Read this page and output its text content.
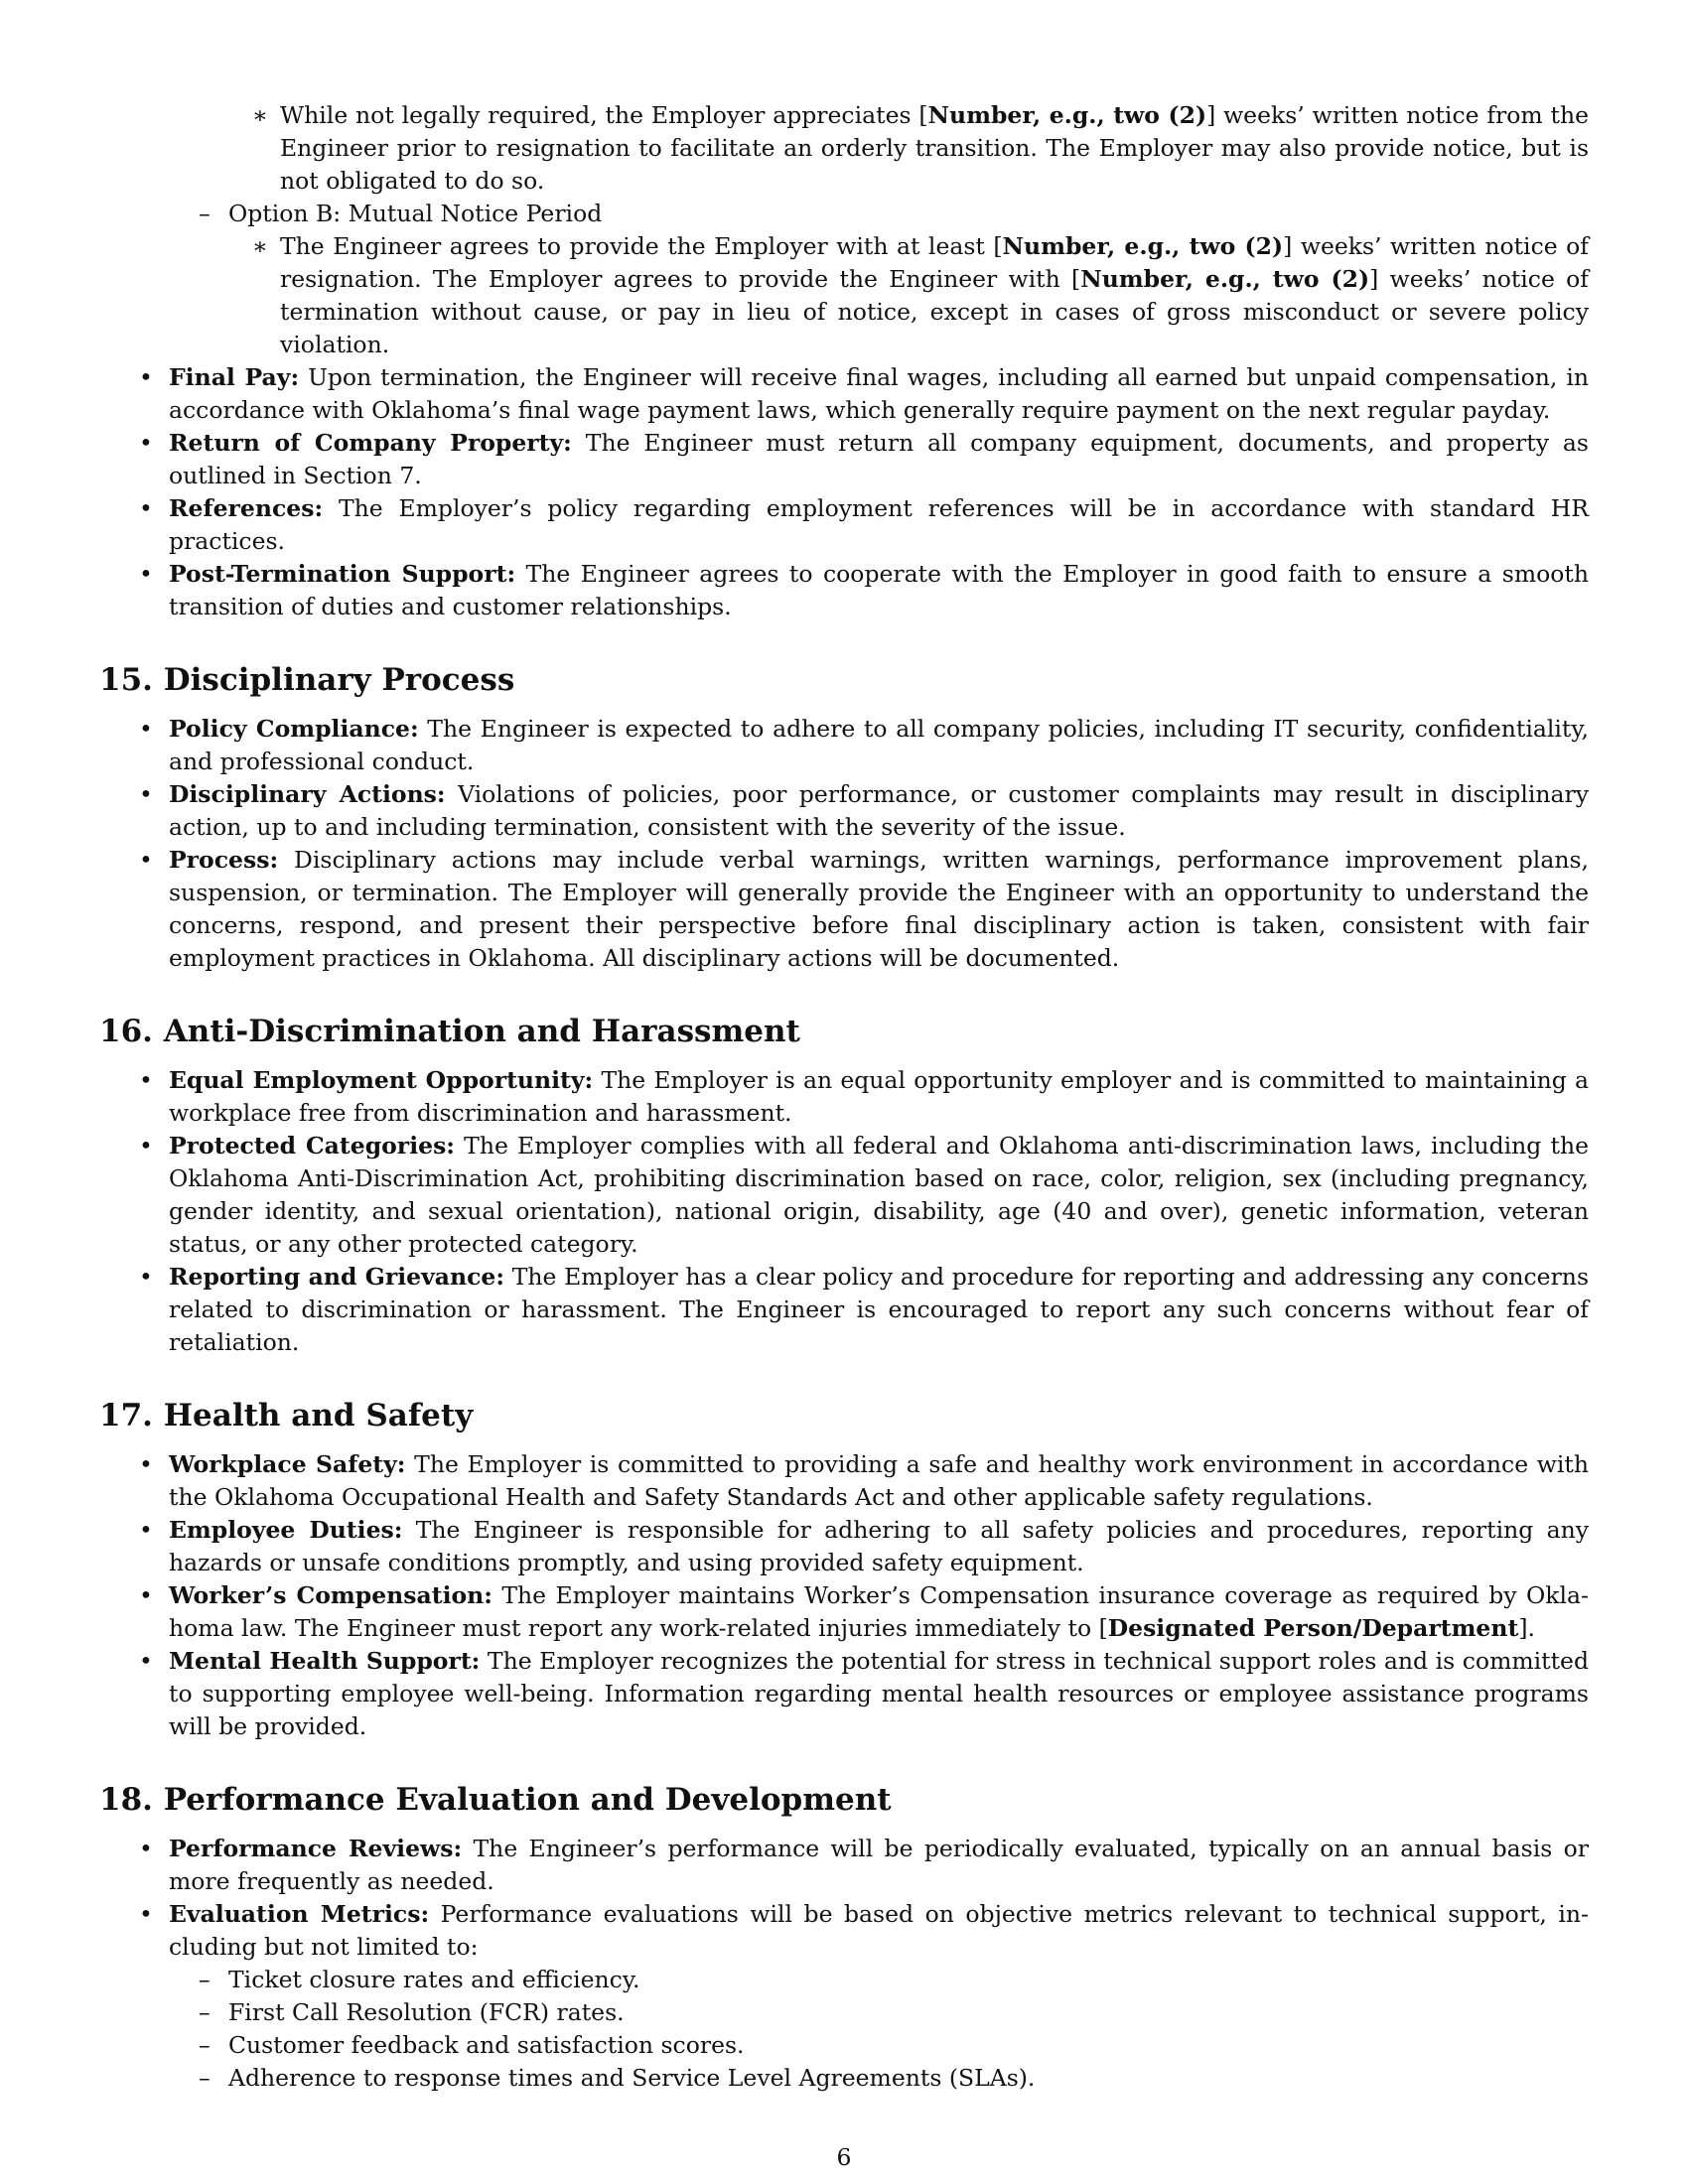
∗ While not legally required, the Employer appreciates [Number, e.g., two (2)] weeks’ written notice from the Engineer prior to resignation to facilitate an orderly transition. The Employer may also provide notice, but is not obligated to do so.
– Option B: Mutual Notice Period
∗ The Engineer agrees to provide the Employer with at least [Number, e.g., two (2)] weeks’ written notice of resignation. The Employer agrees to provide the Engineer with [Number, e.g., two (2)] weeks’ notice of termination without cause, or pay in lieu of notice, except in cases of gross misconduct or severe policy violation.
• Final Pay: Upon termination, the Engineer will receive final wages, including all earned but unpaid compensation, in accordance with Oklahoma’s final wage payment laws, which generally require payment on the next regular payday.
• Return of Company Property: The Engineer must return all company equipment, documents, and property as outlined in Section 7.
• References: The Employer’s policy regarding employment references will be in accordance with standard HR practices.
• Post-Termination Support: The Engineer agrees to cooperate with the Employer in good faith to ensure a smooth transition of duties and customer relationships.
15. Disciplinary Process
• Policy Compliance: The Engineer is expected to adhere to all company policies, including IT security, confidentiality, and professional conduct.
• Disciplinary Actions: Violations of policies, poor performance, or customer complaints may result in disciplinary action, up to and including termination, consistent with the severity of the issue.
• Process: Disciplinary actions may include verbal warnings, written warnings, performance improvement plans, suspension, or termination. The Employer will generally provide the Engineer with an opportunity to understand the concerns, respond, and present their perspective before final disciplinary action is taken, consistent with fair employment practices in Oklahoma. All disciplinary actions will be documented.
16. Anti-Discrimination and Harassment
• Equal Employment Opportunity: The Employer is an equal opportunity employer and is committed to maintaining a workplace free from discrimination and harassment.
• Protected Categories: The Employer complies with all federal and Oklahoma anti-discrimination laws, including the Oklahoma Anti-Discrimination Act, prohibiting discrimination based on race, color, religion, sex (including pregnancy, gender identity, and sexual orientation), national origin, disability, age (40 and over), genetic information, veteran status, or any other protected category.
• Reporting and Grievance: The Employer has a clear policy and procedure for reporting and addressing any concerns related to discrimination or harassment. The Engineer is encouraged to report any such concerns without fear of retaliation.
17. Health and Safety
• Workplace Safety: The Employer is committed to providing a safe and healthy work environment in accordance with the Oklahoma Occupational Health and Safety Standards Act and other applicable safety regulations.
• Employee Duties: The Engineer is responsible for adhering to all safety policies and procedures, reporting any hazards or unsafe conditions promptly, and using provided safety equipment.
• Worker’s Compensation: The Employer maintains Worker’s Compensation insurance coverage as required by Oklahoma law. The Engineer must report any work-related injuries immediately to [Designated Person/Department].
• Mental Health Support: The Employer recognizes the potential for stress in technical support roles and is committed to supporting employee well-being. Information regarding mental health resources or employee assistance programs will be provided.
18. Performance Evaluation and Development
• Performance Reviews: The Engineer’s performance will be periodically evaluated, typically on an annual basis or more frequently as needed.
• Evaluation Metrics: Performance evaluations will be based on objective metrics relevant to technical support, including but not limited to:
– Ticket closure rates and efficiency.
– First Call Resolution (FCR) rates.
– Customer feedback and satisfaction scores.
– Adherence to response times and Service Level Agreements (SLAs).
6
